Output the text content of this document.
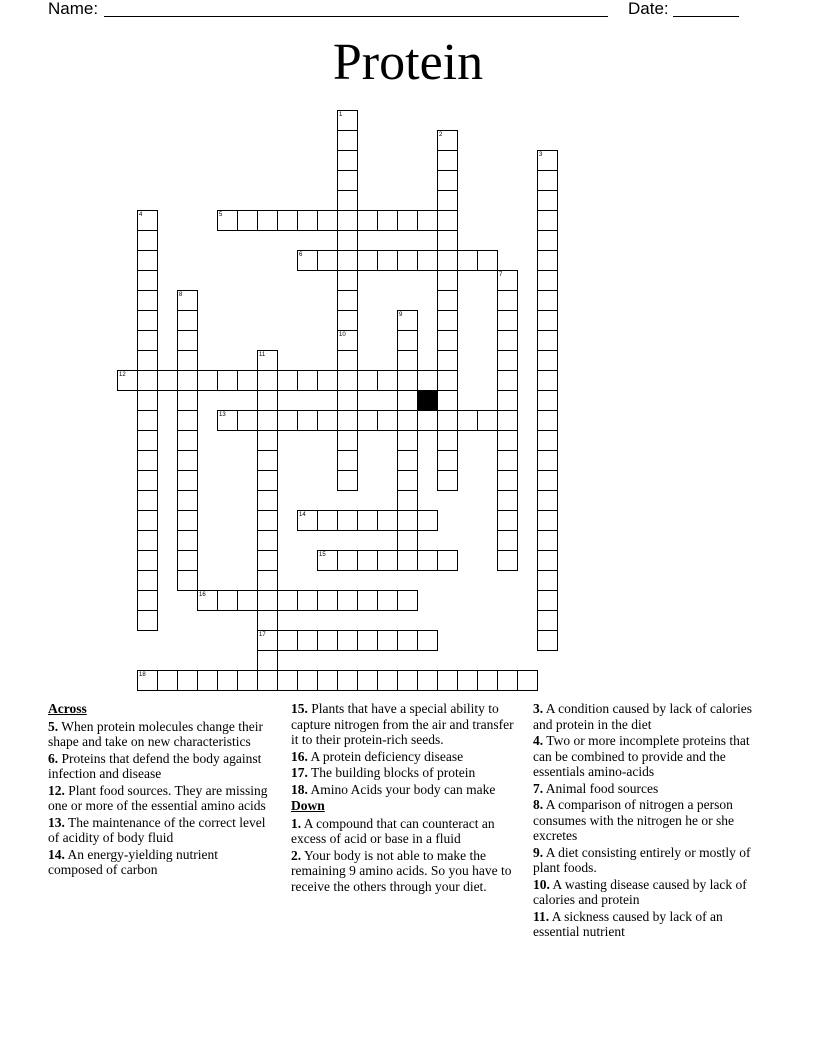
Name:	Date:
Protein
1
10
2
3
4	5
6
7
8
9
11
17
12
13
14
15
16
18
Across
5. When protein molecules change their shape and take on new characteristics
6. Proteins that defend the body against infection and disease
12. Plant food sources. They are missing one or more of the essential amino acids
13. The maintenance of the correct level of acidity of body fluid
14. An energy-yielding nutrient composed of carbon
15. Plants that have a special ability to capture nitrogen from the air and transfer it to their protein-rich seeds.
16. A protein deficiency disease
17. The building blocks of protein
18. Amino Acids your body can make
Down
1. A compound that can counteract an excess of acid or base in a fluid
2. Your body is not able to make the remaining 9 amino acids. So you have to receive the others through your diet.
3. A condition caused by lack of calories and protein in the diet
4. Two or more incomplete proteins that can be combined to provide and the essentials amino-acids
7. Animal food sources
8. A comparison of nitrogen a person consumes with the nitrogen he or she excretes
9. A diet consisting entirely or mostly of plant foods.
10. A wasting disease caused by lack of calories and protein
11. A sickness caused by lack of an essential nutrient
